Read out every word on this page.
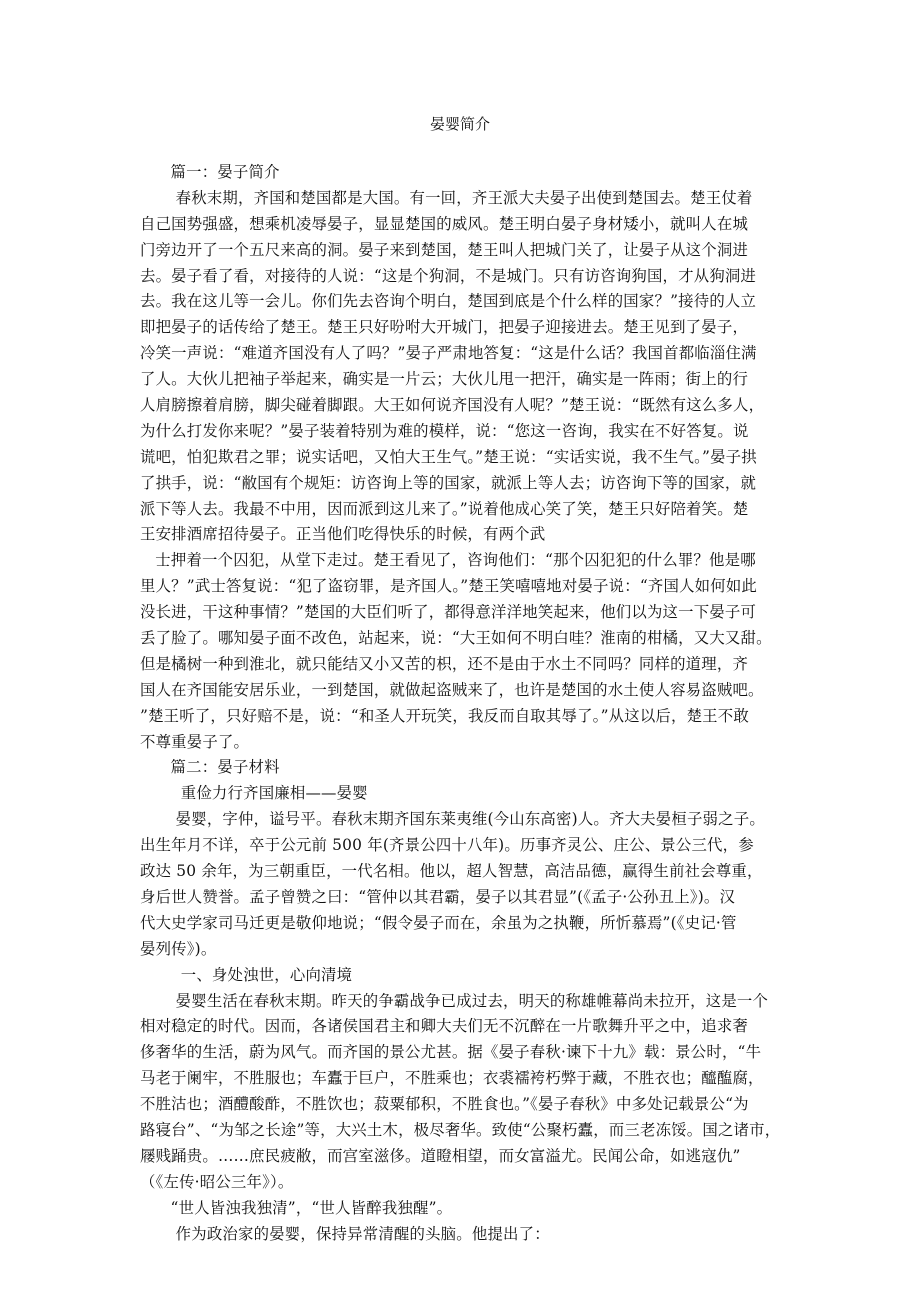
晏婴简介
篇一：晏子简介
春秋末期，齐国和楚国都是大国。有一回，齐王派大夫晏子出使到楚国去。楚王仗着
自己国势强盛，想乘机凌辱晏子，显显楚国的威风。楚王明白晏子身材矮小，就叫人在城
门旁边开了一个五尺来高的洞。晏子来到楚国，楚王叫人把城门关了，让晏子从这个洞进
去。晏子看了看，对接待的人说：“这是个狗洞，不是城门。只有访咨询狗国，才从狗洞进
去。我在这儿等一会儿。你们先去咨询个明白，楚国到底是个什么样的国家？”接待的人立
即把晏子的话传给了楚王。楚王只好吩咐大开城门，把晏子迎接进去。楚王见到了晏子，
冷笑一声说：“难道齐国没有人了吗？”晏子严肃地答复：“这是什么话？我国首都临淄住满
了人。大伙儿把袖子举起来，确实是一片云；大伙儿甩一把汗，确实是一阵雨；街上的行
人肩膀擦着肩膀，脚尖碰着脚跟。大王如何说齐国没有人呢？”楚王说：“既然有这么多人，
为什么打发你来呢？”晏子装着特别为难的模样，说：“您这一咨询，我实在不好答复。说
谎吧，怕犯欺君之罪；说实话吧，又怕大王生气。”楚王说：“实话实说，我不生气。”晏子拱
了拱手，说：“敝国有个规矩：访咨询上等的国家，就派上等人去；访咨询下等的国家，就
派下等人去。我最不中用，因而派到这儿来了。”说着他成心笑了笑，楚王只好陪着笑。楚
王安排酒席招待晏子。正当他们吃得快乐的时候，有两个武
士押着一个囚犯，从堂下走过。楚王看见了，咨询他们：“那个囚犯犯的什么罪？他是哪
里人？”武士答复说：“犯了盗窃罪，是齐国人。”楚王笑嘻嘻地对晏子说：“齐国人如何如此
没长进，干这种事情？”楚国的大臣们听了，都得意洋洋地笑起来，他们以为这一下晏子可
丢了脸了。哪知晏子面不改色，站起来，说：“大王如何不明白哇？淮南的柑橘，又大又甜。
但是橘树一种到淮北，就只能结又小又苦的枳，还不是由于水土不同吗？同样的道理，齐
国人在齐国能安居乐业，一到楚国，就做起盗贼来了，也许是楚国的水土使人容易盗贼吧。
”楚王听了，只好赔不是，说：“和圣人开玩笑，我反而自取其辱了。”从这以后，楚王不敢
不尊重晏子了。
篇二：晏子材料
重俭力行齐国廉相——晏婴
晏婴，字仲，谥号平。春秋末期齐国东莱夷维(今山东高密)人。齐大夫晏桓子弱之子。
出生年月不详，卒于公元前 500 年(齐景公四十八年)。历事齐灵公、庄公、景公三代，参
政达 50 余年，为三朝重臣，一代名相。他以，超人智慧，高洁品德，赢得生前社会尊重，
身后世人赞誉。孟子曾赞之曰：“管仲以其君霸，晏子以其君显”(《孟子·公孙丑上》)。汉
代大史学家司马迁更是敬仰地说；“假令晏子而在，余虽为之执鞭，所忻慕焉”(《史记·管
晏列传》)。
一、身处浊世，心向清境
晏婴生活在春秋末期。昨天的争霸战争已成过去，明天的称雄帷幕尚未拉开，这是一个
相对稳定的时代。因而，各诸侯国君主和卿大夫们无不沉醉在一片歌舞升平之中，追求奢
侈奢华的生活，蔚为风气。而齐国的景公尤甚。据《晏子春秋·谏下十九》载：景公时，“牛
马老于阑牢，不胜服也；车蠹于巨户，不胜乘也；衣裘襦袴朽弊于藏，不胜衣也；醯醢腐，
不胜沽也；酒醴酸酢，不胜饮也；菽粟郁积，不胜食也。”《晏子春秋》中多处记载景公“为
路寝台”、“为邹之长途”等，大兴土木，极尽奢华。致使“公聚朽蠹，而三老冻馁。国之诸市，
屦贱踊贵。……庶民疲敝，而宫室滋侈。道瞪相望，而女富溢尤。民闻公命，如逃寇仇”
（《左传·昭公三年》）。
“世人皆浊我独清”，“世人皆醉我独醒”。
作为政治家的晏婴，保持异常清醒的头脑。他提出了：
